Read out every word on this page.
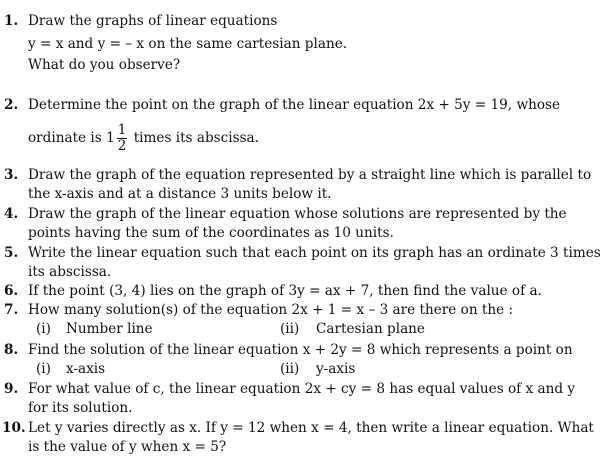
1. Draw the graphs of linear equations
y = x and y = – x on the same cartesian plane.
What do you observe?
2. Determine the point on the graph of the linear equation 2x + 5y = 19, whose
ordinate is $1 \frac{1}{2}$ times its abscissa.
3. Draw the graph of the equation represented by a straight line which is parallel to
the x-axis and at a distance 3 units below it.
4. Draw the graph of the linear equation whose solutions are represented by the
points having the sum of the coordinates as 10 units.
5. Write the linear equation such that each point on its graph has an ordinate 3 times
its abscissa.
6. If the point (3, 4) lies on the graph of 3y = ax + 7, then find the value of a.
7. How many solution(s) of the equation 2x + 1 = x – 3 are there on the :
(i) Number line	(ii) Cartesian plane
8. Find the solution of the linear equation x + 2y = 8 which represents a point on
(i) x-axis	(ii) y-axis
9. For what value of c, the linear equation 2x + cy = 8 has equal values of x and y
for its solution.
10. Let y varies directly as x. If y = 12 when x = 4, then write a linear equation. What
is the value of y when x = 5?
